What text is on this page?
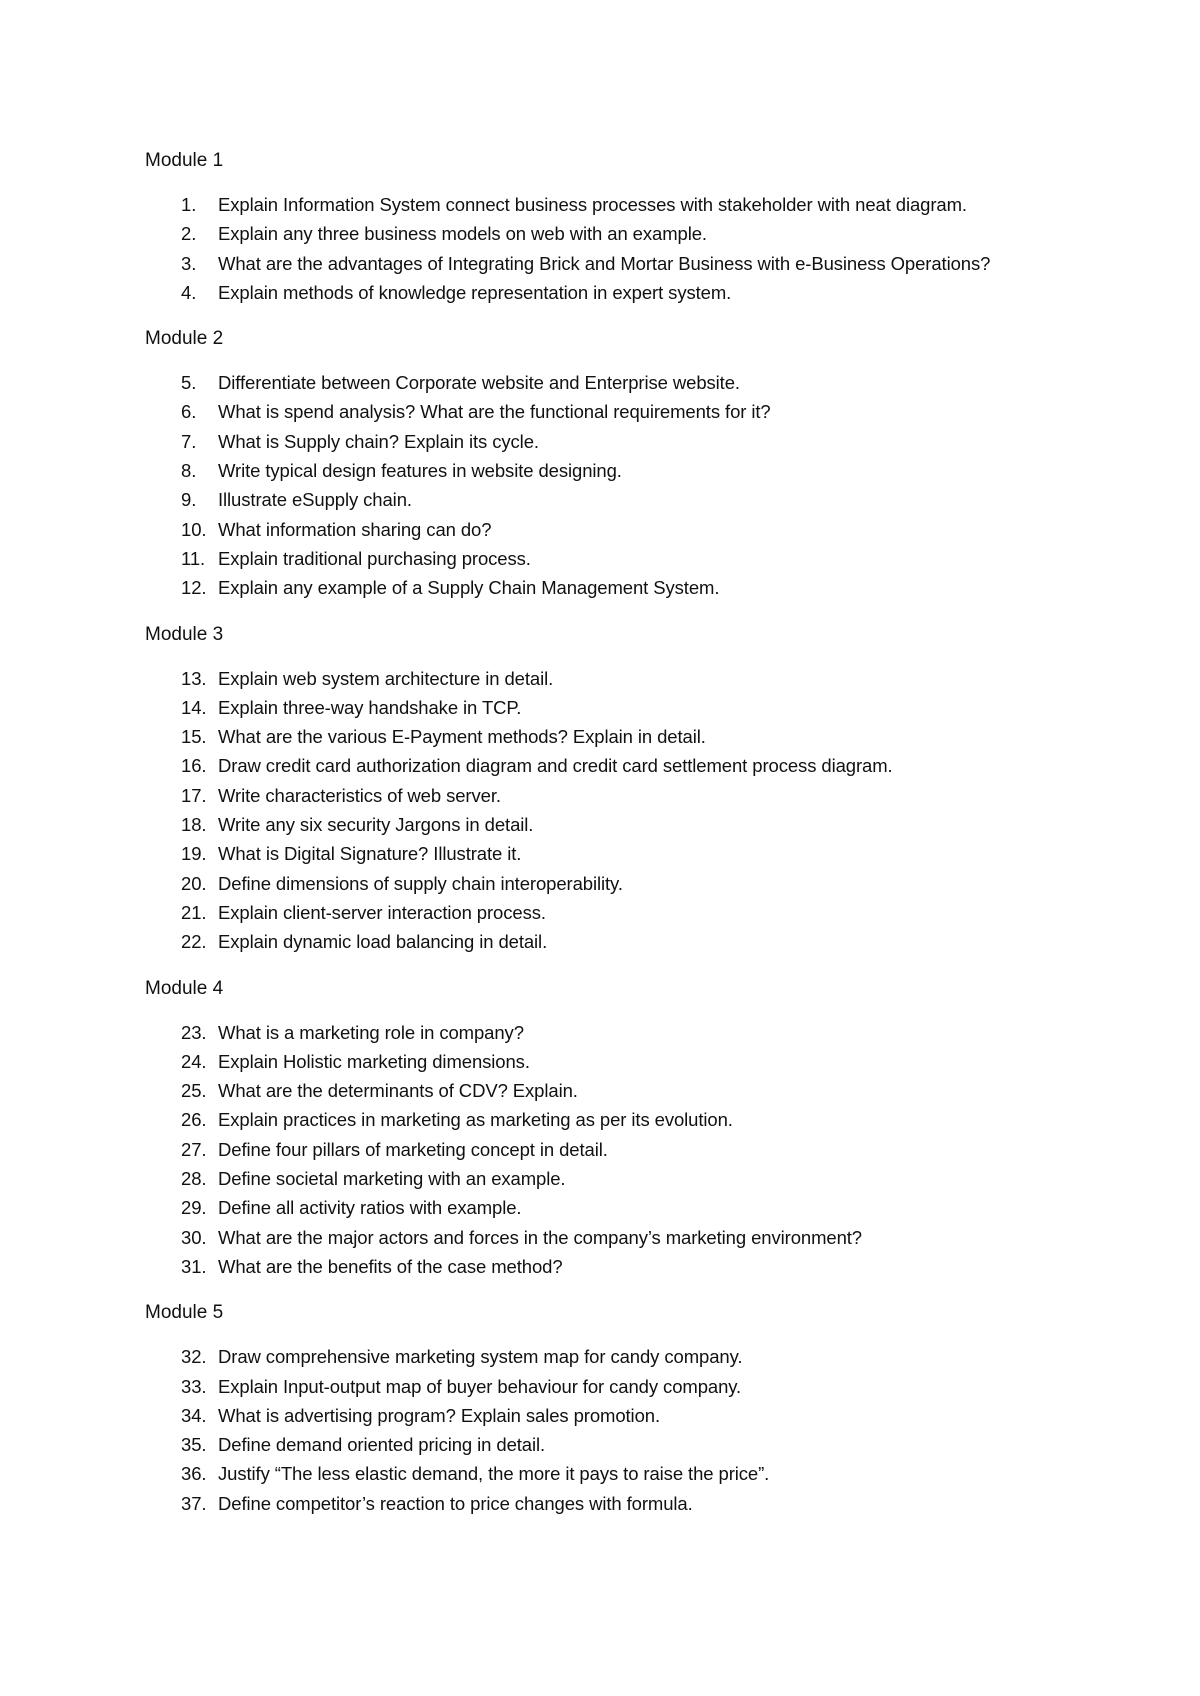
Module 1
1. Explain Information System connect business processes with stakeholder with neat diagram.
2. Explain any three business models on web with an example.
3. What are the advantages of Integrating Brick and Mortar Business with e-Business Operations?
4. Explain methods of knowledge representation in expert system.
Module 2
5. Differentiate between Corporate website and Enterprise website.
6. What is spend analysis? What are the functional requirements for it?
7. What is Supply chain? Explain its cycle.
8. Write typical design features in website designing.
9. Illustrate eSupply chain.
10. What information sharing can do?
11. Explain traditional purchasing process.
12. Explain any example of a Supply Chain Management System.
Module 3
13. Explain web system architecture in detail.
14. Explain three-way handshake in TCP.
15. What are the various E-Payment methods? Explain in detail.
16. Draw credit card authorization diagram and credit card settlement process diagram.
17. Write characteristics of web server.
18. Write any six security Jargons in detail.
19. What is Digital Signature? Illustrate it.
20. Define dimensions of supply chain interoperability.
21. Explain client-server interaction process.
22. Explain dynamic load balancing in detail.
Module 4
23. What is a marketing role in company?
24. Explain Holistic marketing dimensions.
25. What are the determinants of CDV? Explain.
26. Explain practices in marketing as marketing as per its evolution.
27. Define four pillars of marketing concept in detail.
28. Define societal marketing with an example.
29. Define all activity ratios with example.
30. What are the major actors and forces in the company’s marketing environment?
31. What are the benefits of the case method?
Module 5
32. Draw comprehensive marketing system map for candy company.
33. Explain Input-output map of buyer behaviour for candy company.
34. What is advertising program? Explain sales promotion.
35. Define demand oriented pricing in detail.
36. Justify “The less elastic demand, the more it pays to raise the price”.
37. Define competitor’s reaction to price changes with formula.
